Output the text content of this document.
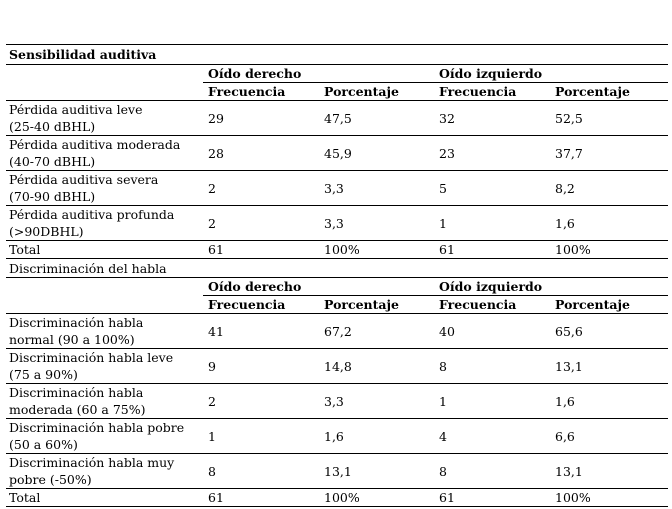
Sensibilidad auditiva				
	Oído derecho		Oído izquierdo	
	Frecuencia	Porcentaje	Frecuencia	Porcentaje
Pérdida auditiva leve
(25-40 dBHL)	29	47,5	32	52,5
Pérdida auditiva moderada
(40-70 dBHL)	28	45,9	23	37,7
Pérdida auditiva severa
(70-90 dBHL)	2	3,3	5	8,2
Pérdida auditiva profunda
(>90DBHL)	2	3,3	1	1,6
Total	61	100%	61	100%
Discriminación del habla				
	Oído derecho		Oído izquierdo	
	Frecuencia	Porcentaje	Frecuencia	Porcentaje
Discriminación habla
normal (90 a 100%)	41	67,2	40	65,6
Discriminación habla leve
(75 a 90%)	9	14,8	8	13,1
Discriminación habla
moderada (60 a 75%)	2	3,3	1	1,6
Discriminación habla pobre
(50 a 60%)	1	1,6	4	6,6
Discriminación habla muy
pobre (-50%)	8	13,1	8	13,1
Total	61	100%	61	100%
